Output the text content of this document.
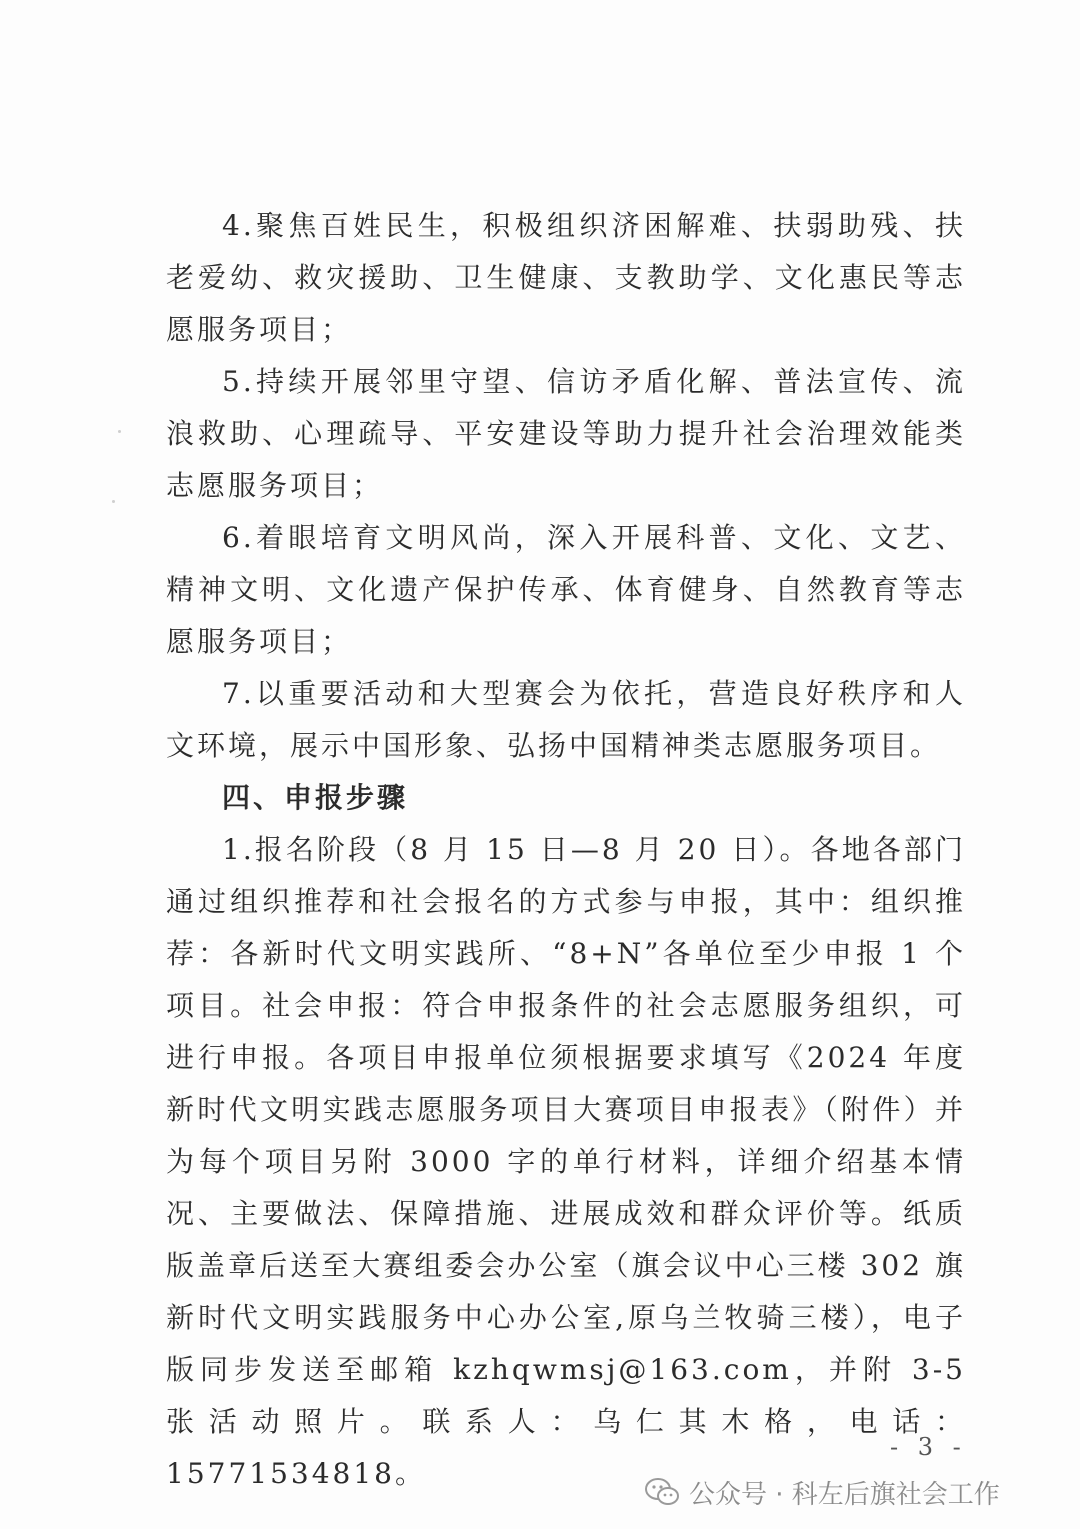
4.聚焦百姓民生，积极组织济困解难、扶弱助残、扶老爱幼、救灾援助、卫生健康、支教助学、文化惠民等志愿服务项目；

5.持续开展邻里守望、信访矛盾化解、普法宣传、流浪救助、心理疏导、平安建设等助力提升社会治理效能类志愿服务项目；

6.着眼培育文明风尚，深入开展科普、文化、文艺、精神文明、文化遗产保护传承、体育健身、自然教育等志愿服务项目；

7.以重要活动和大型赛会为依托，营造良好秩序和人文环境，展示中国形象、弘扬中国精神类志愿服务项目。

四、申报步骤

1.报名阶段（8 月 15 日—8 月 20 日）。各地各部门通过组织推荐和社会报名的方式参与申报，其中：组织推荐：各新时代文明实践所、“8+N”各单位至少申报 1 个项目。社会申报：符合申报条件的社会志愿服务组织，可进行申报。各项目申报单位须根据要求填写《2024 年度新时代文明实践志愿服务项目大赛项目申报表》（附件）并为每个项目另附 3000 字的单行材料，详细介绍基本情况、主要做法、保障措施、进展成效和群众评价等。纸质版盖章后送至大赛组委会办公室（旗会议中心三楼 302 旗新时代文明实践服务中心办公室,原乌兰牧骑三楼），电子版同步发送至邮箱 kzhqwmsj@163.com，并附 3-5 张活动照片。联系人：乌仁其木格，电话：15771534818。

- 3 -
公众号 · 科左后旗社会工作
